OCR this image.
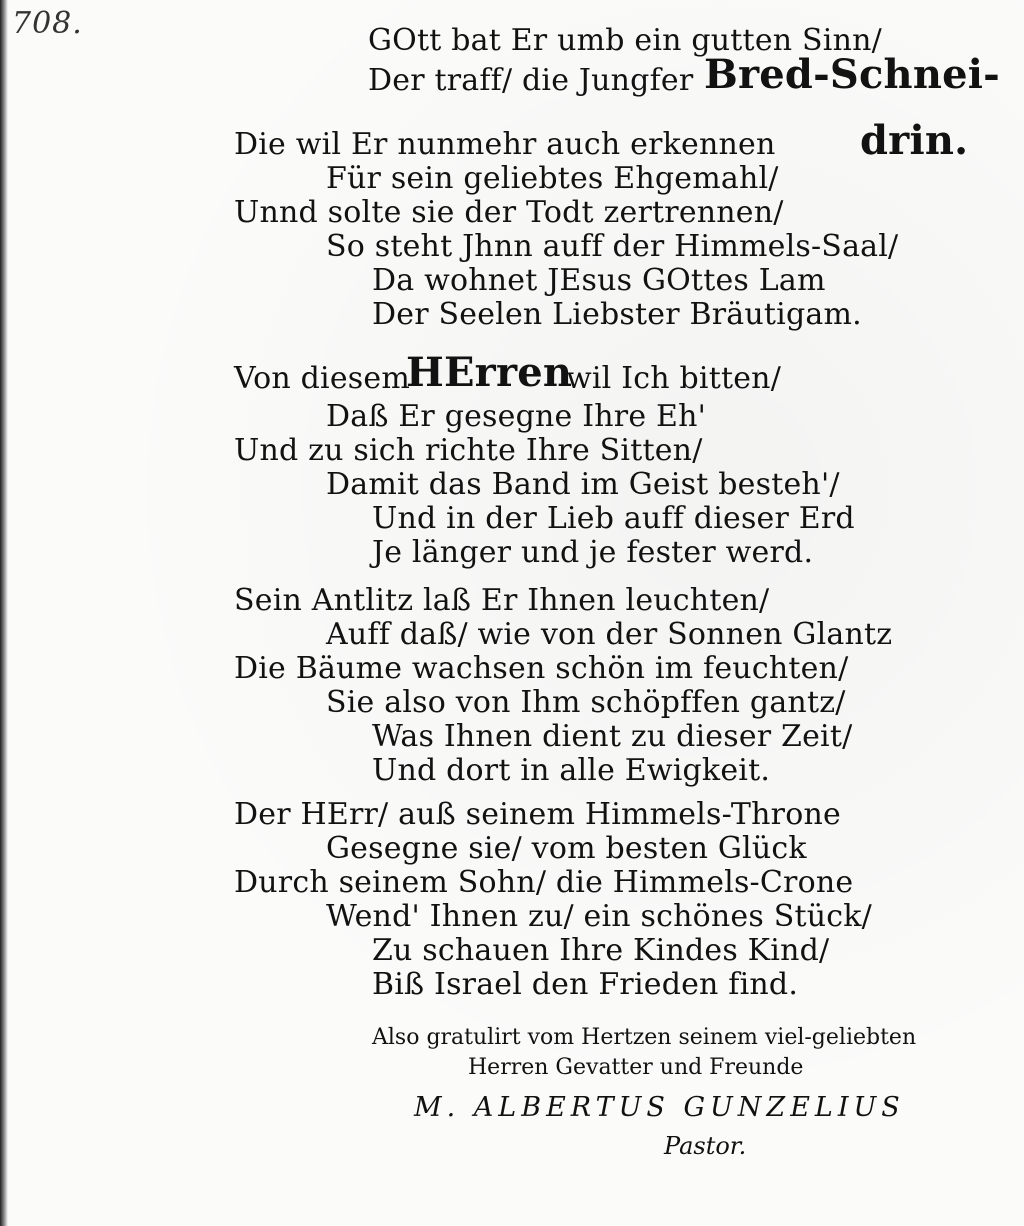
708.	GOtt bat Er umb ein gutten Sinn/
Der traff/ die Jungfer Bred-Schnei-
drin.
Die wil Er nunmehr auch erkennen
Für sein geliebtes Ehgemahl/
Unnd solte sie der Todt zertrennen/
So steht Jhnn auff der Himmels-Saal/
Da wohnet JEsus GOttes Lam
Der Seelen Liebster Bräutigam.
Von diesem
HErren
wil Ich bitten/
Daß Er gesegne Ihre Eh'
Und zu sich richte Ihre Sitten/
Damit das Band im Geist besteh'/
Und in der Lieb auff dieser Erd
Je länger und je fester werd.
Sein Antlitz laß Er Ihnen leuchten/
Auff daß/ wie von der Sonnen Glantz
Die Bäume wachsen schön im feuchten/
Sie also von Ihm schöpffen gantz/
Was Ihnen dient zu dieser Zeit/
Und dort in alle Ewigkeit.
Der HErr/ auß seinem Himmels-Throne
Gesegne sie/ vom besten Glück
Durch seinem Sohn/ die Himmels-Crone
Wend' Ihnen zu/ ein schönes Stück/
Zu schauen Ihre Kindes Kind/
Biß Israel den Frieden find.
Also gratulirt vom Hertzen seinem viel-geliebten
Herren Gevatter und Freunde
M. ALBERTUS GUNZELIUS
Pastor.
